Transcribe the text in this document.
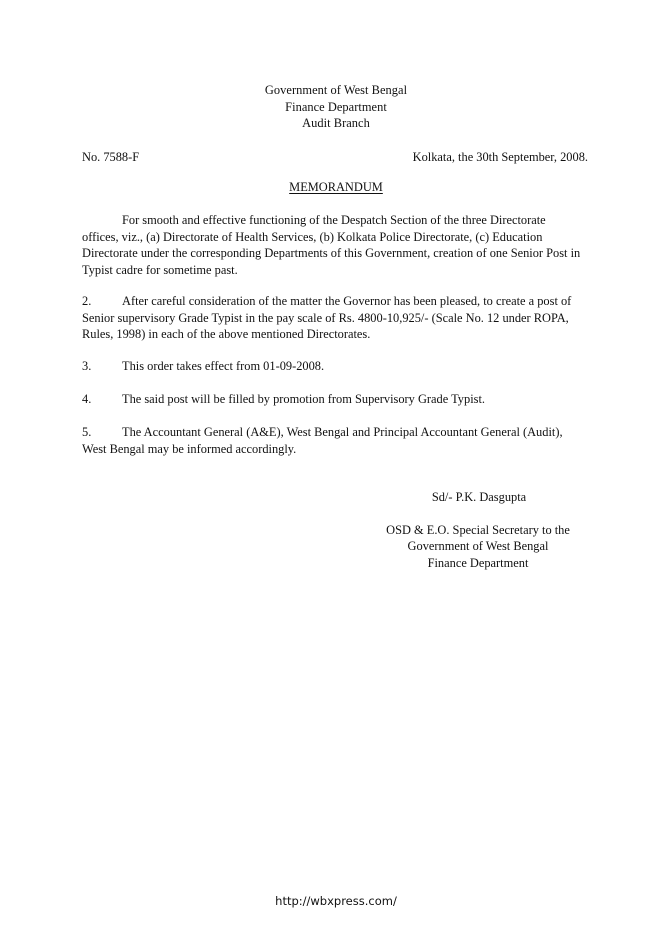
Government of West Bengal
Finance Department
Audit Branch
No. 7588-F	Kolkata, the 30th September, 2008.
MEMORANDUM
For smooth and effective functioning of the Despatch Section of the three Directorate offices, viz., (a) Directorate of Health Services, (b) Kolkata Police Directorate, (c) Education Directorate under the corresponding Departments of this Government, creation of one Senior Post in Typist cadre for sometime past.
2. After careful consideration of the matter the Governor has been pleased, to create a post of Senior supervisory Grade Typist in the pay scale of Rs. 4800-10,925/- (Scale No. 12 under ROPA, Rules, 1998) in each of the above mentioned Directorates.
3. This order takes effect from 01-09-2008.
4. The said post will be filled by promotion from Supervisory Grade Typist.
5. The Accountant General (A&E), West Bengal and Principal Accountant General (Audit), West Bengal may be informed accordingly.
Sd/- P.K. Dasgupta
OSD & E.O. Special Secretary to the
Government of West Bengal
Finance Department
http://wbxpress.com/
